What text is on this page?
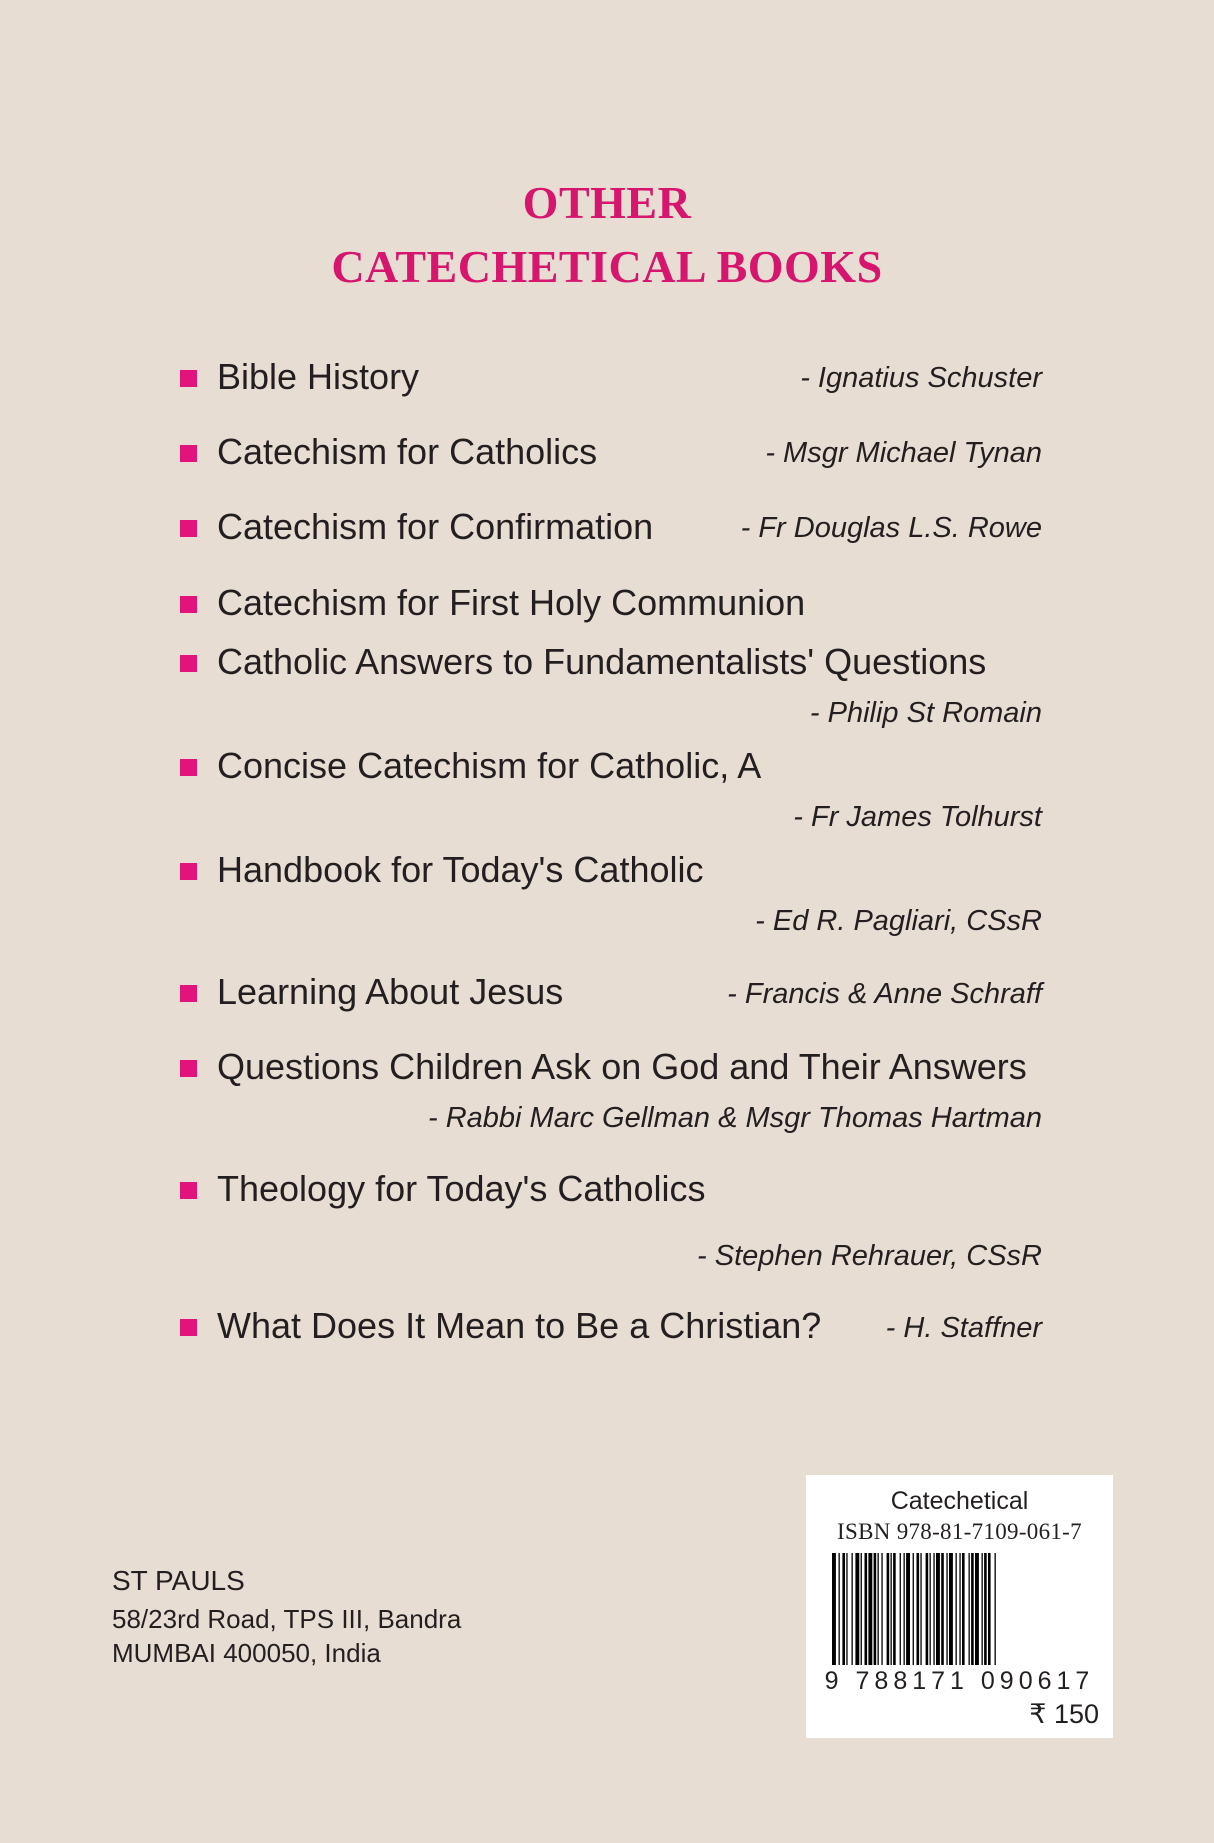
OTHER
CATECHETICAL BOOKS
Bible History	- Ignatius Schuster
Catechism for Catholics	- Msgr Michael Tynan
Catechism for Confirmation	- Fr Douglas L.S. Rowe
Catechism for First Holy Communion
Catholic Answers to Fundamentalists' Questions
- Philip St Romain
Concise Catechism for Catholic, A
- Fr James Tolhurst
Handbook for Today's Catholic
- Ed R. Pagliari, CSsR
Learning About Jesus	- Francis & Anne Schraff
Questions Children Ask on God and Their Answers
- Rabbi Marc Gellman & Msgr Thomas Hartman
Theology for Today's Catholics
- Stephen Rehrauer, CSsR
What Does It Mean to Be a Christian? - H. Staffner
ST PAULS
58/23rd Road, TPS III, Bandra
MUMBAI 400050, India
Catechetical
ISBN 978-81-7109-061-7
9 788171 090617
₹ 150
